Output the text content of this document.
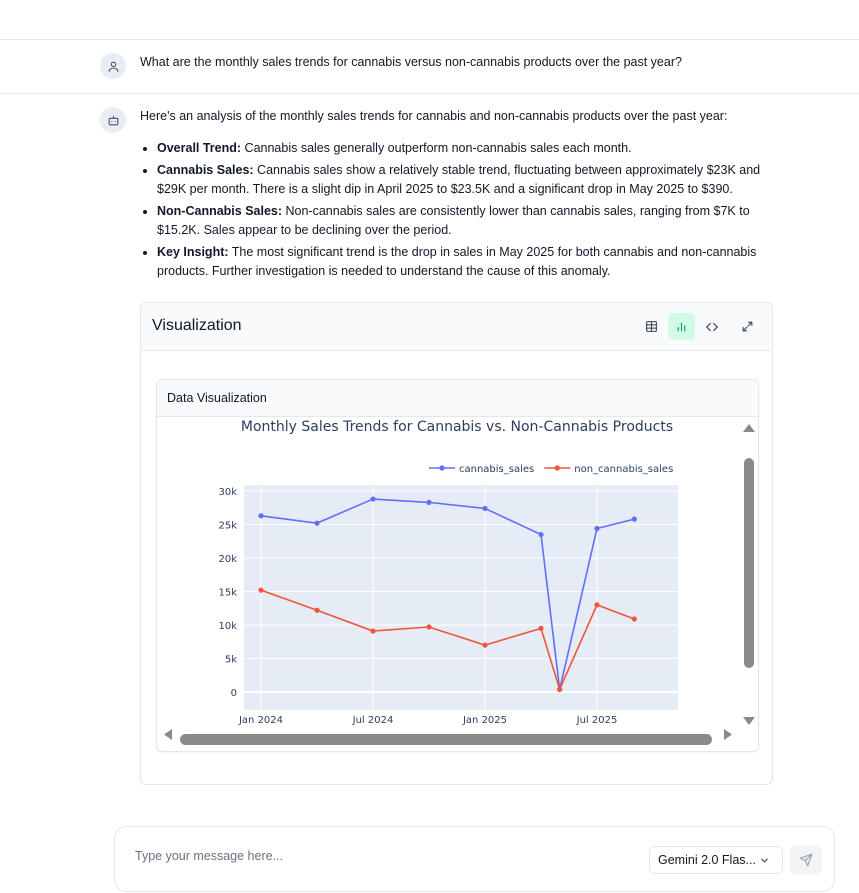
What are the monthly sales trends for cannabis versus non-cannabis products over the past year?
Here's an analysis of the monthly sales trends for cannabis and non-cannabis products over the past year:
• Overall Trend: Cannabis sales generally outperform non-cannabis sales each month.
• Cannabis Sales: Cannabis sales show a relatively stable trend, fluctuating between approximately $23K and $29K per month. There is a slight dip in April 2025 to $23.5K and a significant drop in May 2025 to $390.
• Non-Cannabis Sales: Non-cannabis sales are consistently lower than cannabis sales, ranging from $7K to $15.2K. Sales appear to be declining over the period.
• Key Insight: The most significant trend is the drop in sales in May 2025 for both cannabis and non-cannabis products. Further investigation is needed to understand the cause of this anomaly.
Visualization
Data Visualization
Monthly Sales Trends for Cannabis vs. Non-Cannabis Products
0
5k
10k
15k
20k
25k
30k
Jan 2024	Jul 2024	Jan 2025	Jul 2025
cannabis_sales	non_cannabis_sales
Type your message here...
Gemini 2.0 Flas...
